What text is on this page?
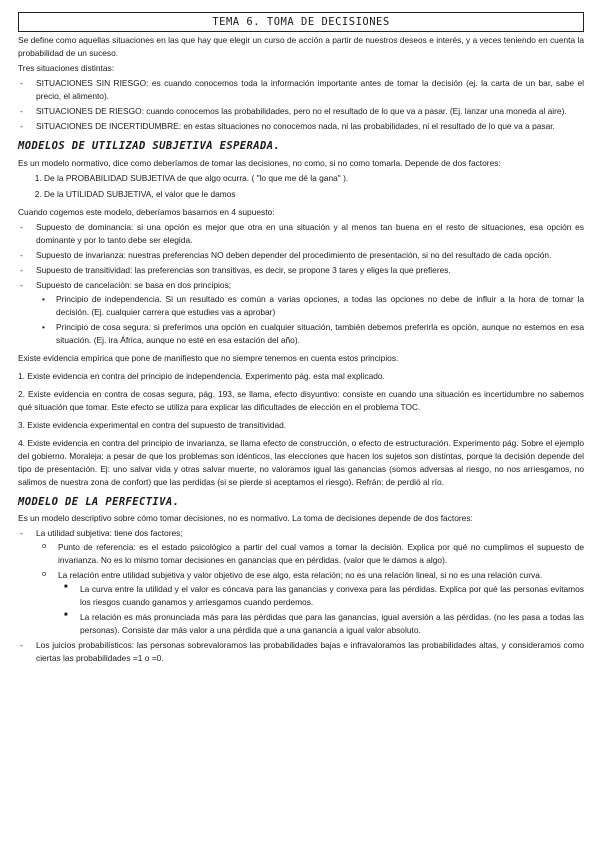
TEMA 6. TOMA DE DECISIONES

Se define como aquellas situaciones en las que hay que elegir un curso de acción a partir de nuestros deseos e interés, y a veces teniendo en cuenta la probabilidad de un suceso.

Tres situaciones distintas:

- SITUACIONES SIN RIESGO: es cuando conocemos toda la información importante antes de tomar la decisión (ej. la carta de un bar, sabe el precio, el alimento).
- SITUACIONES DE RIESGO: cuando conocemos las probabilidades, pero no el resultado de lo que va a pasar. (Ej. lanzar una moneda al aire).
- SITUACIONES DE INCERTIDUMBRE: en estas situaciones no conocemos nada, ni las probabilidades, ni el resultado de lo que va a pasar.
MODELOS DE UTILIZAD SUBJETIVA ESPERADA.

Es un modelo normativo, dice como deberíamos de tomar las decisiones, no como, si no como tomarla. Depende de dos factores:

1. De la PROBABILIDAD SUBJETIVA de que algo ocurra. ( "lo que me dé la gana" ).
2. De la UTILIDAD SUBJETIVA, el valor que le damos

Cuando cogemos este modelo, deberíamos basarnos en 4 supuesto:

- Supuesto de dominancia: si una opción es mejor que otra en una situación y al menos tan buena en el resto de situaciones, esa opción es dominante y por lo tanto debe ser elegida.
- Supuesto de invarianza: nuestras preferencias NO deben depender del procedimiento de presentación, si no del resultado de cada opción.
- Supuesto de transitividad: las preferencias son transitivas, es decir, se propone 3 tares y eliges la que prefieres.
- Supuesto de cancelación: se basa en dos principios;
• Principio de independencia. Si un resultado es común a varias opciones, a todas las opciones no debe de influir a la hora de tomar la decisión. (Ej. cualquier carrera que estudies vas a aprobar)
• Principio de cosa segura: si preferimos una opción en cualquier situación, también debemos preferirla es opción, aunque no estemos en esa situación. (Ej. ira África, aunque no esté en esa estación del año).

Existe evidencia empírica que pone de manifiesto que no siempre tenemos en cuenta estos principios.

1. Existe evidencia en contra del principio de independencia. Experimento pág. esta mal explicado.

2. Existe evidencia en contra de cosas segura, pág. 193, se llama, efecto disyuntivo: consiste en cuando una situación es incertidumbre no sabemos qué situación que tomar. Este efecto se utiliza para explicar las dificultades de elección en el problema TOC.

3. Existe evidencia experimental en contra del supuesto de transitividad.

4. Existe evidencia en contra del principio de invarianza, se llama efecto de construcción, o efecto de estructuración. Experimento pág. Sobre el ejemplo del gobierno. Moraleja: a pesar de que los problemas son idénticos, las elecciones que hacen los sujetos son distintas, porque la decisión depende del tipo de presentación. Ej: uno salvar vida y otras salvar muerte, no valoramos igual las ganancias (somos adversas al riesgo, no nos arriesgamos, no salimos de nuestra zona de confort) que las perdidas (si se pierde si aceptamos el riesgo). Refrán: de perdió al río.

MODELO DE LA PERFECTIVA.

Es un modelo descriptivo sobre cómo tomar decisiones, no es normativo. La toma de decisiones depende de dos factores:

- La utilidad subjetiva: tiene dos factores;
o Punto de referencia: es el estado psicológico a partir del cual vamos a tomar la decisión. Explica por qué no cumplimos el supuesto de invarianza. No es lo mismo tomar decisiones en ganancias que en pérdidas. (valor que le damos a algo).
o La relación entre utilidad subjetiva y valor objetivo de ese algo, esta relación; no es una relación lineal, si no es una relación curva.
■ La curva entre la utilidad y el valor es cóncava para las ganancias y convexa para las pérdidas. Explica por qué las personas evitamos los riesgos cuando ganamos y arriesgamos cuando perdemos.
■ La relación es más pronunciada más para las pérdidas que para las ganancias, igual aversión a las pérdidas. (no les pasa a todas las personas). Consiste dar más valor a una pérdida que a una ganancia a igual valor absoluto.
- Los juicios probabilísticos: las personas sobrevaloramos las probabilidades bajas e infravaloramos las probabilidades altas, y consideramos como ciertas las probabilidades =1 o =0.
